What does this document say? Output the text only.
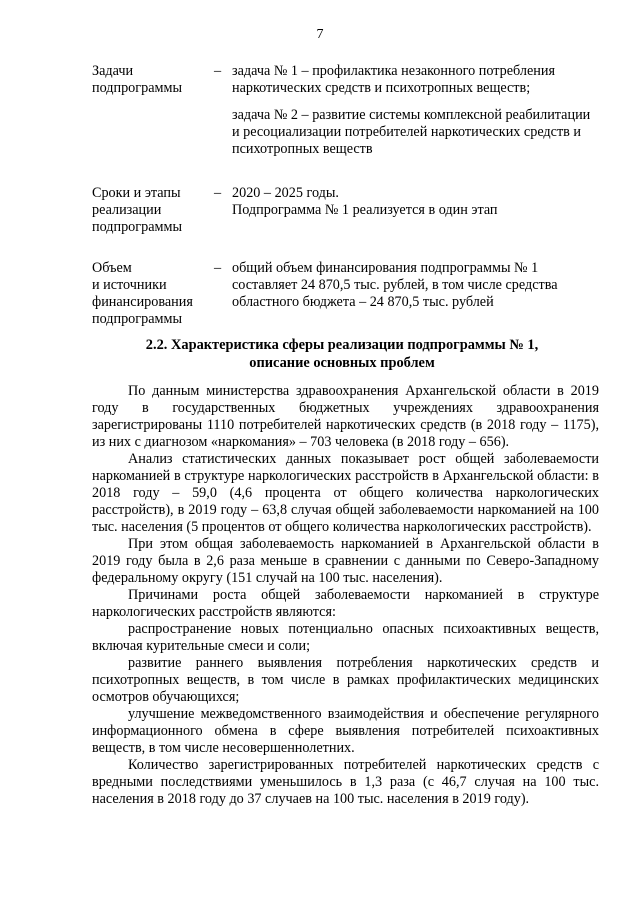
7
Задачи
подпрограммы
– задача № 1 – профилактика незаконного потребления наркотических средств и психотропных веществ;

задача № 2 – развитие системы комплексной реабилитации и ресоциализации потребителей наркотических средств и психотропных веществ

Сроки и этапы
реализации
подпрограммы
– 2020 – 2025 годы.
Подпрограмма № 1 реализуется в один этап

Объем
и источники
финансирования
подпрограммы
– общий объем финансирования подпрограммы № 1 составляет 24 870,5 тыс. рублей, в том числе средства областного бюджета – 24 870,5 тыс. рублей

2.2. Характеристика сферы реализации подпрограммы № 1,
описание основных проблем

По данным министерства здравоохранения Архангельской области в 2019 году в государственных бюджетных учреждениях здравоохранения зарегистрированы 1110 потребителей наркотических средств (в 2018 году – 1175), из них с диагнозом «наркомания» – 703 человека (в 2018 году – 656).

Анализ статистических данных показывает рост общей заболеваемости наркоманией в структуре наркологических расстройств в Архангельской области: в 2018 году – 59,0 (4,6 процента от общего количества наркологических расстройств), в 2019 году – 63,8 случая общей заболеваемости наркоманией на 100 тыс. населения (5 процентов от общего количества наркологических расстройств).

При этом общая заболеваемость наркоманией в Архангельской области в 2019 году была в 2,6 раза меньше в сравнении с данными по Северо-Западному федеральному округу (151 случай на 100 тыс. населения).

Причинами роста общей заболеваемости наркоманией в структуре наркологических расстройств являются:

распространение новых потенциально опасных психоактивных веществ, включая курительные смеси и соли;

развитие раннего выявления потребления наркотических средств и психотропных веществ, в том числе в рамках профилактических медицинских осмотров обучающихся;

улучшение межведомственного взаимодействия и обеспечение регулярного информационного обмена в сфере выявления потребителей психоактивных веществ, в том числе несовершеннолетних.

Количество зарегистрированных потребителей наркотических средств с вредными последствиями уменьшилось в 1,3 раза (с 46,7 случая на 100 тыс. населения в 2018 году до 37 случаев на 100 тыс. населения в 2019 году).
